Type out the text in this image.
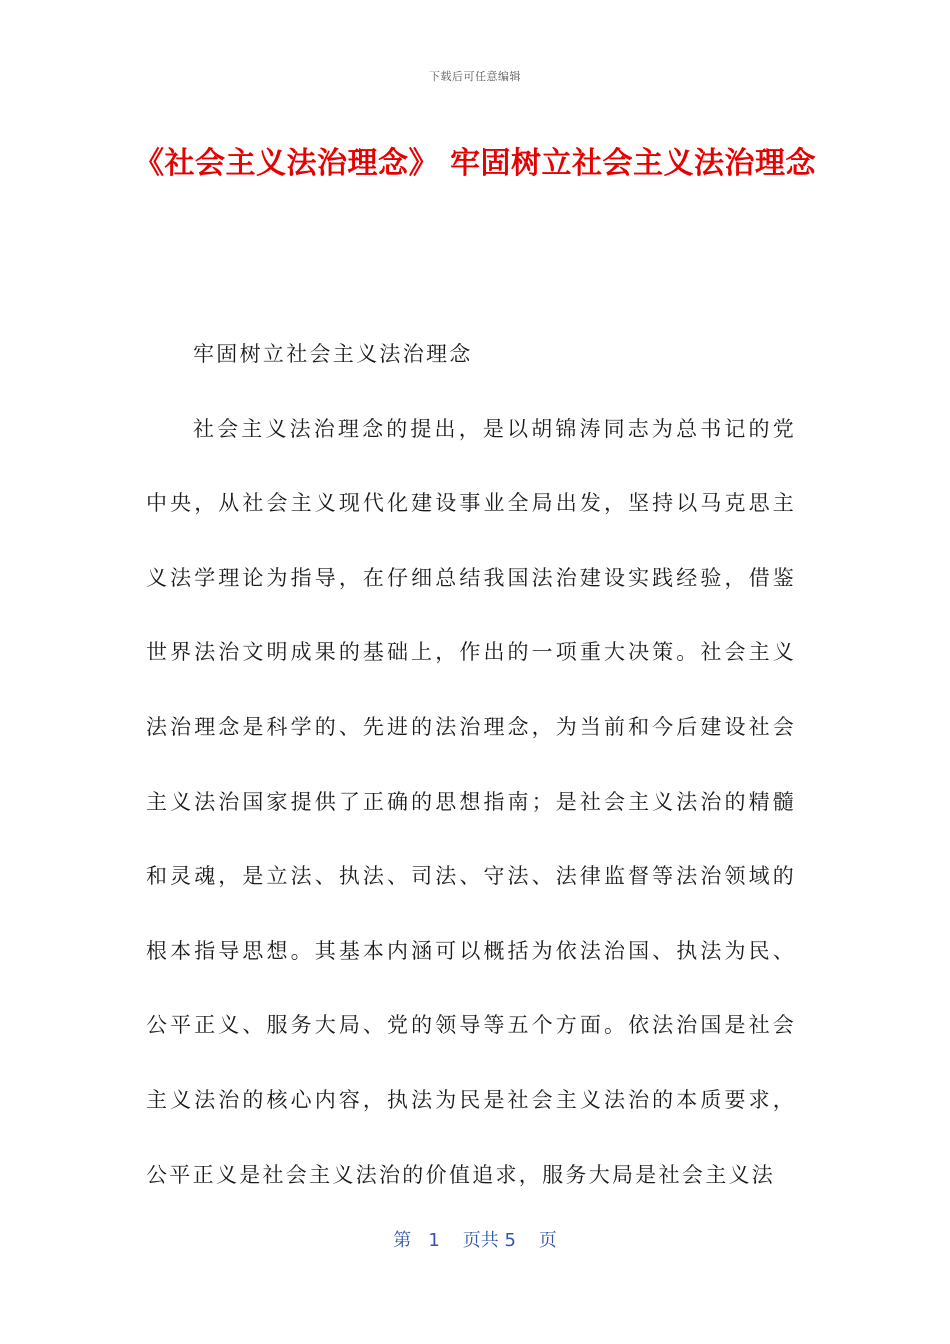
下载后可任意编辑
《社会主义法治理念》 牢固树立社会主义法治理念

牢固树立社会主义法治理念

社会主义法治理念的提出，是以胡锦涛同志为总书记的党中央，从社会主义现代化建设事业全局出发，坚持以马克思主义法学理论为指导，在仔细总结我国法治建设实践经验，借鉴世界法治文明成果的基础上，作出的一项重大决策。社会主义法治理念是科学的、先进的法治理念，为当前和今后建设社会主义法治国家提供了正确的思想指南；是社会主义法治的精髓和灵魂，是立法、执法、司法、守法、法律监督等法治领域的根本指导思想。其基本内涵可以概括为依法治国、执法为民、公平正义、服务大局、党的领导等五个方面。依法治国是社会主义法治的核心内容，执法为民是社会主义法治的本质要求，公平正义是社会主义法治的价值追求，服务大局是社会主义法

第 1 页共 5 页
